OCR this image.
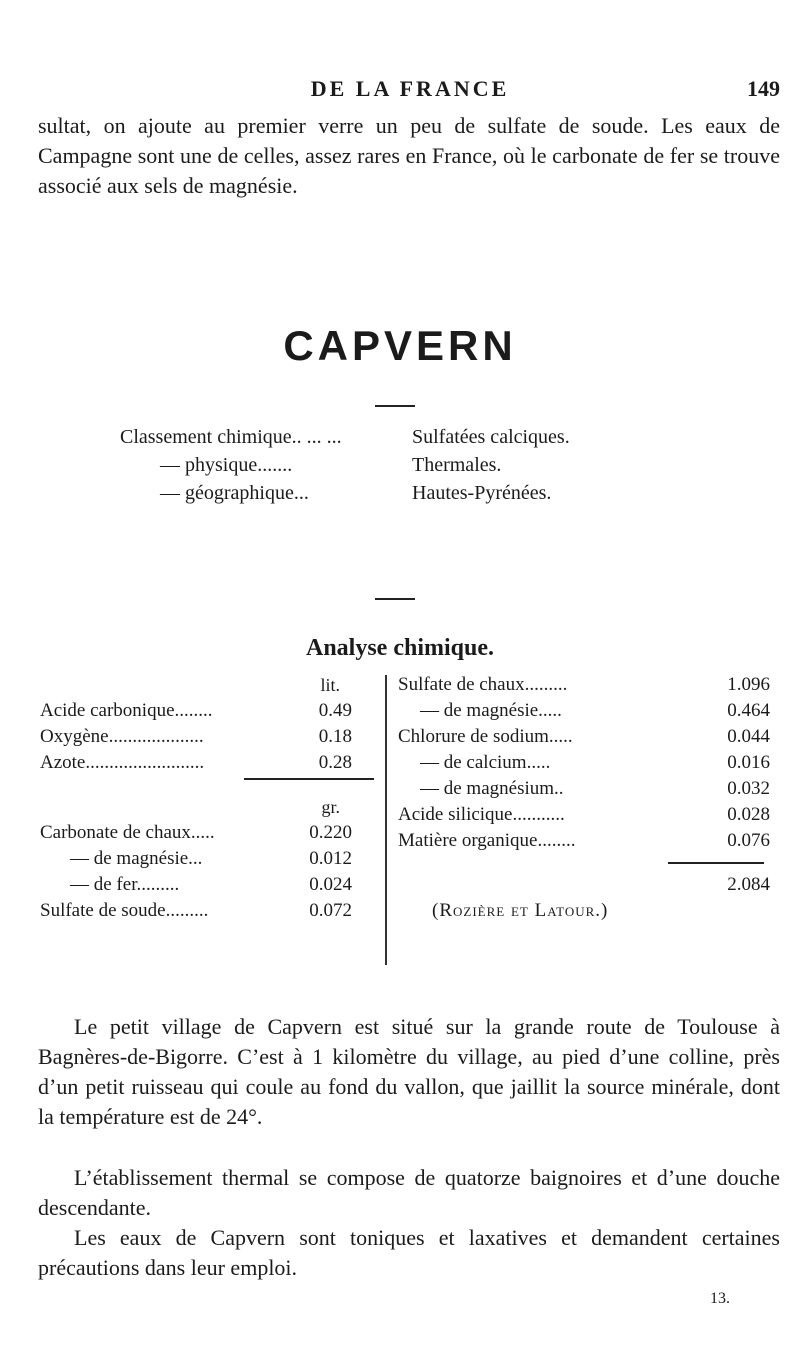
DE LA FRANCE	149

sultat, on ajoute au premier verre un peu de sulfate de soude. Les eaux de Campagne sont une de celles, assez rares en France, où le carbonate de fer se trouve associé aux sels de magnésie.

CAPVERN
Classement chimique.. ... ...	Sulfatées calciques.
— physique.......	Thermales.
— géographique...	Hautes-Pyrénées.
Analyse chimique.
lit.
Acide carbonique........	0.49
Oxygène....................	0.18
Azote.........................	0.28
gr.
Carbonate de chaux.....	0.220
— de magnésie...	0.012
— de fer.........	0.024
Sulfate de soude.........	0.072
Sulfate de chaux.........	1.096
— de magnésie.....	0.464
Chlorure de sodium.....	0.044
— de calcium.....	0.016
— de magnésium..	0.032
Acide silicique...........	0.028
Matière organique........	0.076
2.084
(Rozière et Latour.)

Le petit village de Capvern est situé sur la grande route de Toulouse à Bagnères-de-Bigorre. C’est à 1 kilomètre du village, au pied d’une colline, près d’un petit ruisseau qui coule au fond du vallon, que jaillit la source minérale, dont la température est de 24°.

L’établissement thermal se compose de quatorze baignoires et d’une douche descendante.

Les eaux de Capvern sont toniques et laxatives et demandent certaines précautions dans leur emploi.

13.
